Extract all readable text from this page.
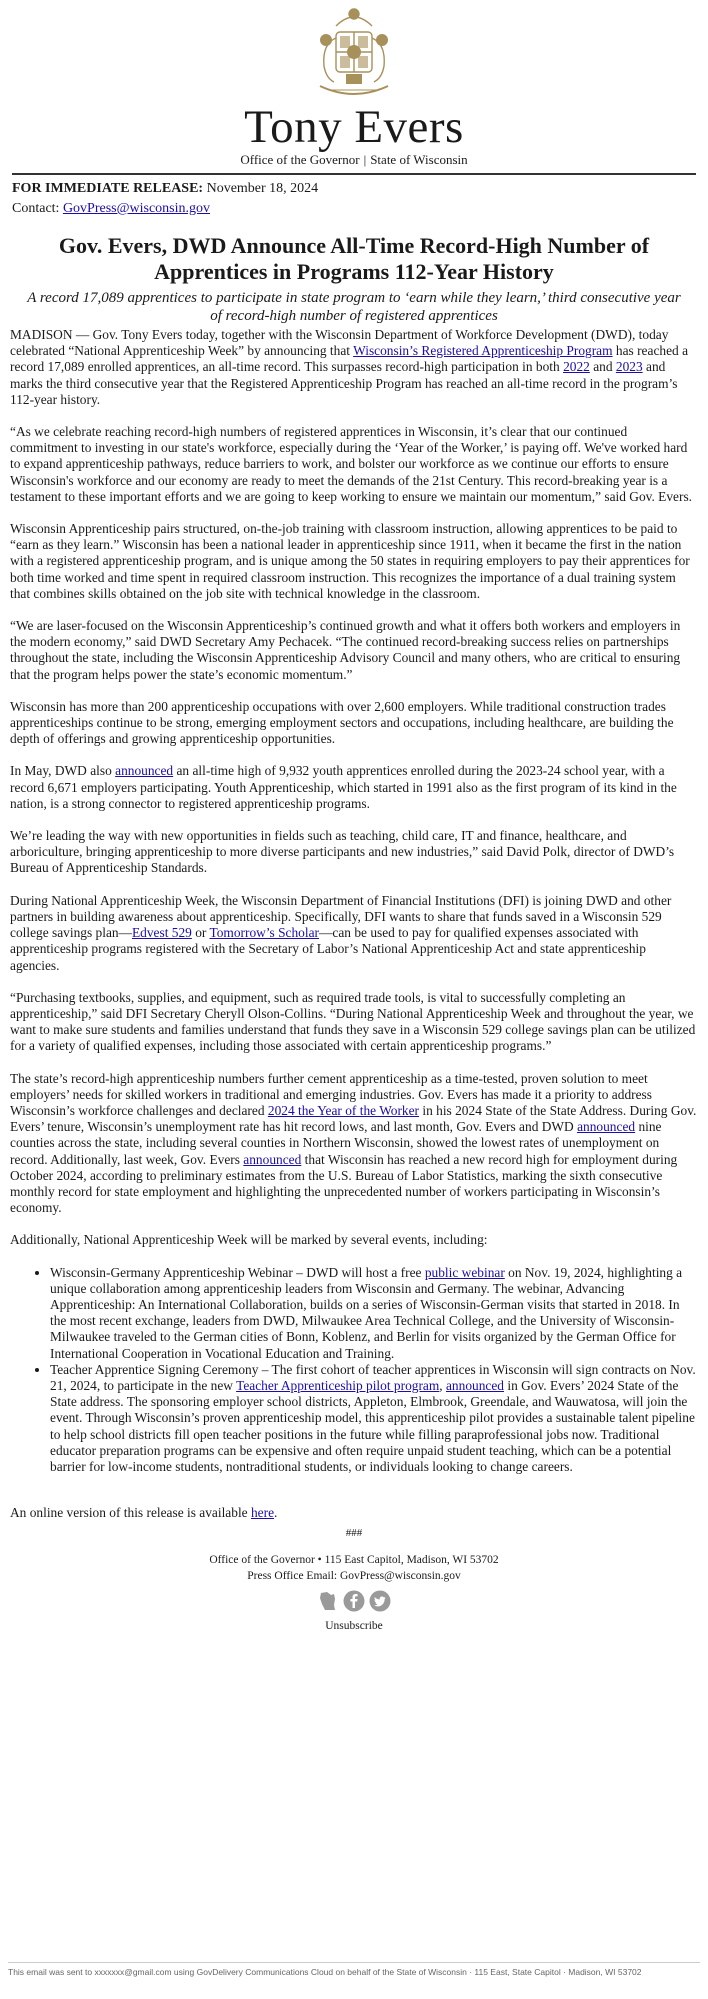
Tony Evers
Office of the Governor | State of Wisconsin
FOR IMMEDIATE RELEASE: November 18, 2024
Contact: GovPress@wisconsin.gov
Gov. Evers, DWD Announce All-Time Record-High Number of Apprentices in Programs 112-Year History
A record 17,089 apprentices to participate in state program to ‘earn while they learn,’ third consecutive year of record-high number of registered apprentices

MADISON — Gov. Tony Evers today, together with the Wisconsin Department of Workforce Development (DWD), today celebrated “National Apprenticeship Week” by announcing that Wisconsin’s Registered Apprenticeship Program has reached a record 17,089 enrolled apprentices, an all-time record. This surpasses record-high participation in both 2022 and 2023 and marks the third consecutive year that the Registered Apprenticeship Program has reached an all-time record in the program’s 112-year history.

“As we celebrate reaching record-high numbers of registered apprentices in Wisconsin, it’s clear that our continued commitment to investing in our state's workforce, especially during the ‘Year of the Worker,’ is paying off. We've worked hard to expand apprenticeship pathways, reduce barriers to work, and bolster our workforce as we continue our efforts to ensure Wisconsin's workforce and our economy are ready to meet the demands of the 21st Century. This record-breaking year is a testament to these important efforts and we are going to keep working to ensure we maintain our momentum,” said Gov. Evers.

Wisconsin Apprenticeship pairs structured, on-the-job training with classroom instruction, allowing apprentices to be paid to “earn as they learn.” Wisconsin has been a national leader in apprenticeship since 1911, when it became the first in the nation with a registered apprenticeship program, and is unique among the 50 states in requiring employers to pay their apprentices for both time worked and time spent in required classroom instruction. This recognizes the importance of a dual training system that combines skills obtained on the job site with technical knowledge in the classroom.

“We are laser-focused on the Wisconsin Apprenticeship’s continued growth and what it offers both workers and employers in the modern economy,” said DWD Secretary Amy Pechacek. “The continued record-breaking success relies on partnerships throughout the state, including the Wisconsin Apprenticeship Advisory Council and many others, who are critical to ensuring that the program helps power the state’s economic momentum.”

Wisconsin has more than 200 apprenticeship occupations with over 2,600 employers. While traditional construction trades apprenticeships continue to be strong, emerging employment sectors and occupations, including healthcare, are building the depth of offerings and growing apprenticeship opportunities.

In May, DWD also announced an all-time high of 9,932 youth apprentices enrolled during the 2023-24 school year, with a record 6,671 employers participating. Youth Apprenticeship, which started in 1991 also as the first program of its kind in the nation, is a strong connector to registered apprenticeship programs.

We’re leading the way with new opportunities in fields such as teaching, child care, IT and finance, healthcare, and arboriculture, bringing apprenticeship to more diverse participants and new industries,” said David Polk, director of DWD’s Bureau of Apprenticeship Standards.

During National Apprenticeship Week, the Wisconsin Department of Financial Institutions (DFI) is joining DWD and other partners in building awareness about apprenticeship. Specifically, DFI wants to share that funds saved in a Wisconsin 529 college savings plan—Edvest 529 or Tomorrow’s Scholar—can be used to pay for qualified expenses associated with apprenticeship programs registered with the Secretary of Labor’s National Apprenticeship Act and state apprenticeship agencies.

“Purchasing textbooks, supplies, and equipment, such as required trade tools, is vital to successfully completing an apprenticeship,” said DFI Secretary Cheryll Olson-Collins. “During National Apprenticeship Week and throughout the year, we want to make sure students and families understand that funds they save in a Wisconsin 529 college savings plan can be utilized for a variety of qualified expenses, including those associated with certain apprenticeship programs.”

The state’s record-high apprenticeship numbers further cement apprenticeship as a time-tested, proven solution to meet employers’ needs for skilled workers in traditional and emerging industries. Gov. Evers has made it a priority to address Wisconsin’s workforce challenges and declared 2024 the Year of the Worker in his 2024 State of the State Address. During Gov. Evers’ tenure, Wisconsin’s unemployment rate has hit record lows, and last month, Gov. Evers and DWD announced nine counties across the state, including several counties in Northern Wisconsin, showed the lowest rates of unemployment on record. Additionally, last week, Gov. Evers announced that Wisconsin has reached a new record high for employment during October 2024, according to preliminary estimates from the U.S. Bureau of Labor Statistics, marking the sixth consecutive monthly record for state employment and highlighting the unprecedented number of workers participating in Wisconsin’s economy.

Additionally, National Apprenticeship Week will be marked by several events, including:

• Wisconsin-Germany Apprenticeship Webinar – DWD will host a free public webinar on Nov. 19, 2024, highlighting a unique collaboration among apprenticeship leaders from Wisconsin and Germany. The webinar, Advancing Apprenticeship: An International Collaboration, builds on a series of Wisconsin-German visits that started in 2018. In the most recent exchange, leaders from DWD, Milwaukee Area Technical College, and the University of Wisconsin-Milwaukee traveled to the German cities of Bonn, Koblenz, and Berlin for visits organized by the German Office for International Cooperation in Vocational Education and Training.
• Teacher Apprentice Signing Ceremony – The first cohort of teacher apprentices in Wisconsin will sign contracts on Nov. 21, 2024, to participate in the new Teacher Apprenticeship pilot program, announced in Gov. Evers’ 2024 State of the State address. The sponsoring employer school districts, Appleton, Elmbrook, Greendale, and Wauwatosa, will join the event. Through Wisconsin’s proven apprenticeship model, this apprenticeship pilot provides a sustainable talent pipeline to help school districts fill open teacher positions in the future while filling paraprofessional jobs now. Traditional educator preparation programs can be expensive and often require unpaid student teaching, which can be a potential barrier for low-income students, nontraditional students, or individuals looking to change careers.

An online version of this release is available here.

###
Office of the Governor • 115 East Capitol, Madison, WI 53702
Press Office Email: GovPress@wisconsin.gov
Unsubscribe
This email was sent to xxxxxxx@gmail.com using GovDelivery Communications Cloud on behalf of the State of Wisconsin · 115 East, State Capitol · Madison, WI 53702
